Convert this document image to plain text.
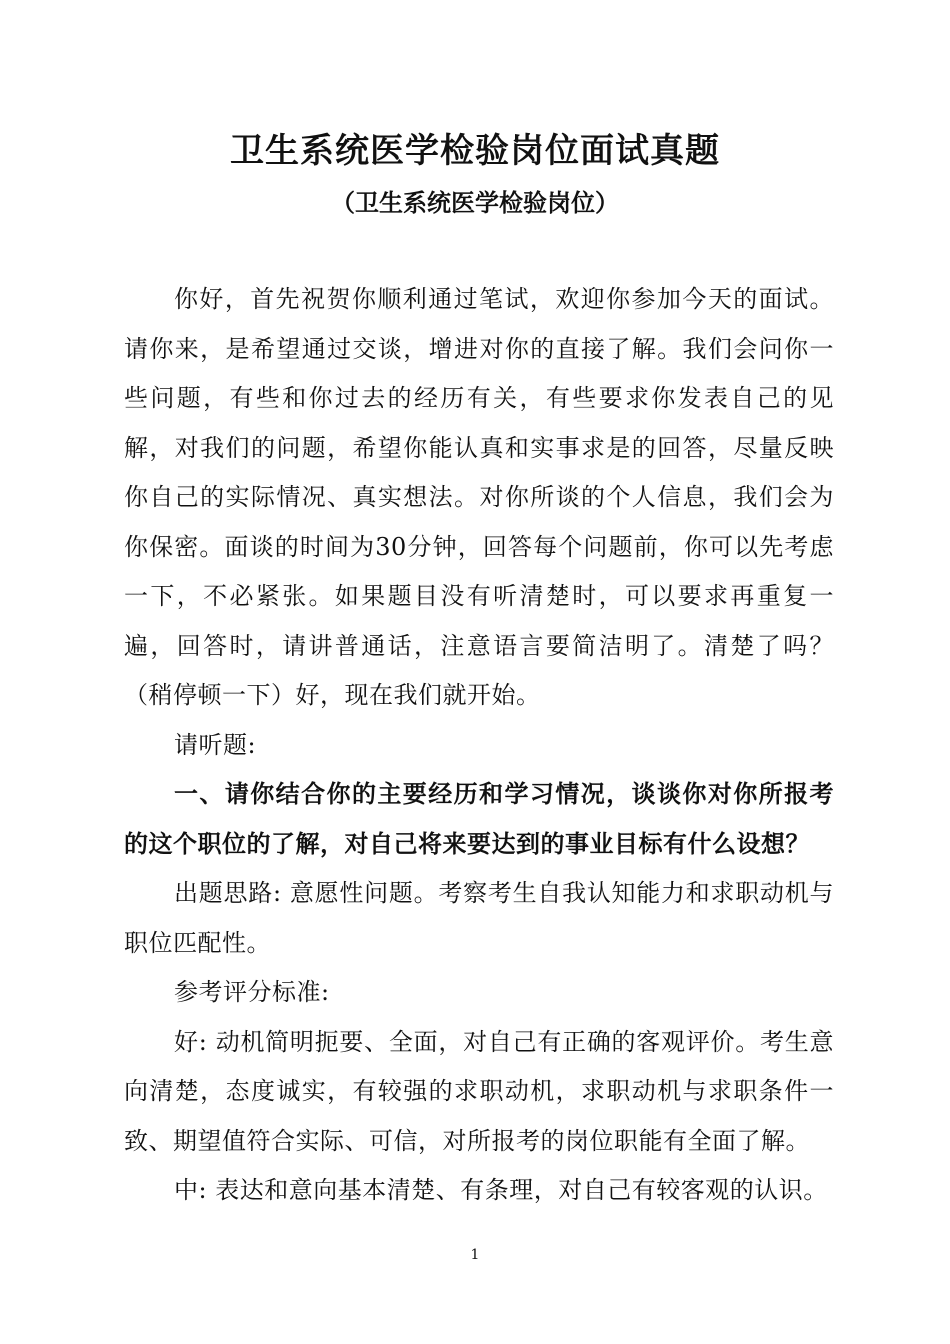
卫生系统医学检验岗位面试真题
（卫生系统医学检验岗位）

你好，首先祝贺你顺利通过笔试，欢迎你参加今天的面试。请你来，是希望通过交谈，增进对你的直接了解。我们会问你一些问题，有些和你过去的经历有关，有些要求你发表自己的见解，对我们的问题，希望你能认真和实事求是的回答，尽量反映你自己的实际情况、真实想法。对你所谈的个人信息，我们会为你保密。面谈的时间为30分钟，回答每个问题前，你可以先考虑一下，不必紧张。如果题目没有听清楚时，可以要求再重复一遍，回答时，请讲普通话，注意语言要简洁明了。清楚了吗？（稍停顿一下）好，现在我们就开始。

请听题:

一、请你结合你的主要经历和学习情况，谈谈你对你所报考的这个职位的了解，对自己将来要达到的事业目标有什么设想？

出题思路: 意愿性问题。考察考生自我认知能力和求职动机与职位匹配性。

参考评分标准:

好: 动机简明扼要、全面，对自己有正确的客观评价。考生意向清楚，态度诚实，有较强的求职动机，求职动机与求职条件一致、期望值符合实际、可信，对所报考的岗位职能有全面了解。

中: 表达和意向基本清楚、有条理，对自己有较客观的认识。

1
